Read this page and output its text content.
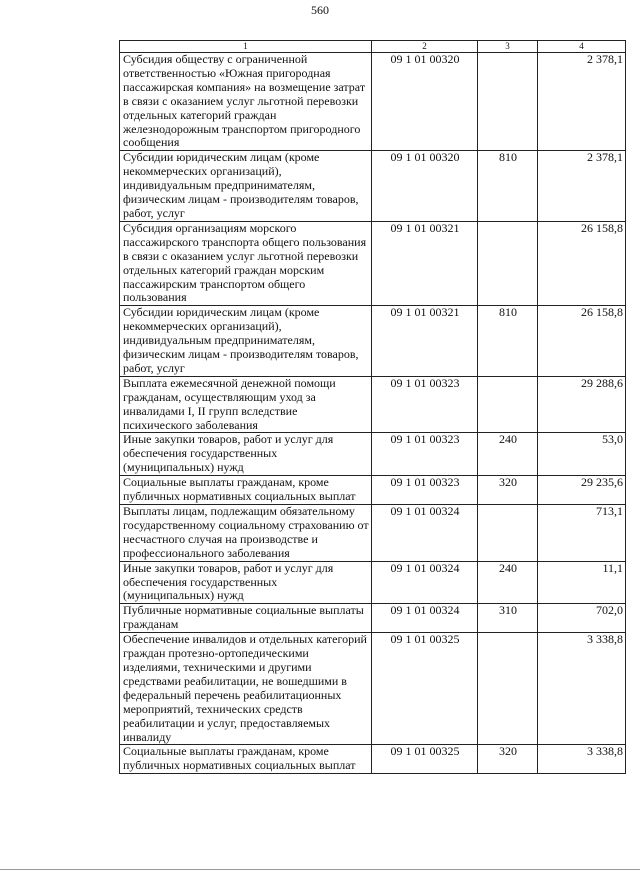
560
1	2	3	4
Субсидия обществу с ограниченной ответственностью «Южная пригородная пассажирская компания» на возмещение затрат в связи с оказанием услуг льготной перевозки отдельных категорий граждан железнодорожным транспортом пригородного сообщения	09 1 01 00320		2 378,1
Субсидии юридическим лицам (кроме некоммерческих организаций), индивидуальным предпринимателям, физическим лицам - производителям товаров, работ, услуг	09 1 01 00320	810	2 378,1
Субсидия организациям морского пассажирского транспорта общего пользования в связи с оказанием услуг льготной перевозки отдельных категорий граждан морским пассажирским транспортом общего пользования	09 1 01 00321		26 158,8
Субсидии юридическим лицам (кроме некоммерческих организаций), индивидуальным предпринимателям, физическим лицам - производителям товаров, работ, услуг	09 1 01 00321	810	26 158,8
Выплата ежемесячной денежной помощи гражданам, осуществляющим уход за инвалидами I, II групп вследствие психического заболевания	09 1 01 00323		29 288,6
Иные закупки товаров, работ и услуг для обеспечения государственных (муниципальных) нужд	09 1 01 00323	240	53,0
Социальные выплаты гражданам, кроме публичных нормативных социальных выплат	09 1 01 00323	320	29 235,6
Выплаты лицам, подлежащим обязательному государственному социальному страхованию от несчастного случая на производстве и профессионального заболевания	09 1 01 00324		713,1
Иные закупки товаров, работ и услуг для обеспечения государственных (муниципальных) нужд	09 1 01 00324	240	11,1
Публичные нормативные социальные выплаты гражданам	09 1 01 00324	310	702,0
Обеспечение инвалидов и отдельных категорий граждан протезно-ортопедическими изделиями, техническими и другими средствами реабилитации, не вошедшими в федеральный перечень реабилитационных мероприятий, технических средств реабилитации и услуг, предоставляемых инвалиду	09 1 01 00325		3 338,8
Социальные выплаты гражданам, кроме публичных нормативных социальных выплат	09 1 01 00325	320	3 338,8
